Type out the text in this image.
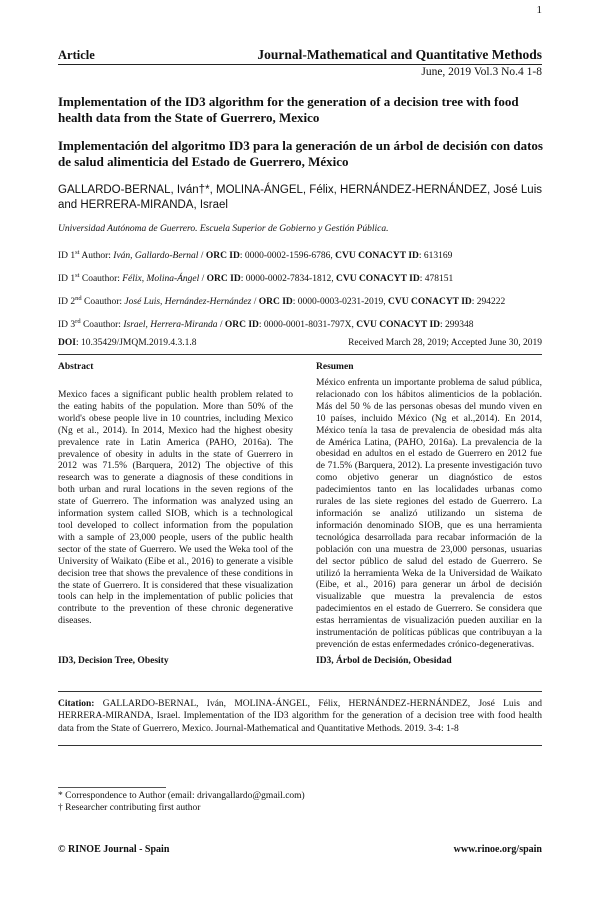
1
Article	Journal-Mathematical and Quantitative Methods
June, 2019 Vol.3 No.4 1-8
Implementation of the ID3 algorithm for the generation of a decision tree with food health data from the State of Guerrero, Mexico
Implementación del algoritmo ID3 para la generación de un árbol de decisión con datos de salud alimenticia del Estado de Guerrero, México
GALLARDO-BERNAL, Iván†*, MOLINA-ÁNGEL, Félix, HERNÁNDEZ-HERNÁNDEZ, José Luis and HERRERA-MIRANDA, Israel
Universidad Autónoma de Guerrero. Escuela Superior de Gobierno y Gestión Pública.
ID 1st Author: Iván, Gallardo-Bernal / ORC ID: 0000-0002-1596-6786, CVU CONACYT ID: 613169
ID 1st Coauthor: Félix, Molina-Ángel / ORC ID: 0000-0002-7834-1812, CVU CONACYT ID: 478151
ID 2nd Coauthor: José Luis, Hernández-Hernández / ORC ID: 0000-0003-0231-2019, CVU CONACYT ID: 294222
ID 3rd Coauthor: Israel, Herrera-Miranda / ORC ID: 0000-0001-8031-797X, CVU CONACYT ID: 299348
DOI: 10.35429/JMQM.2019.4.3.1.8	Received March 28, 2019; Accepted June 30, 2019
Abstract
Mexico faces a significant public health problem related to the eating habits of the population. More than 50% of the world's obese people live in 10 countries, including Mexico (Ng et al., 2014). In 2014, Mexico had the highest obesity prevalence rate in Latin America (PAHO, 2016a). The prevalence of obesity in adults in the state of Guerrero in 2012 was 71.5% (Barquera, 2012) The objective of this research was to generate a diagnosis of these conditions in both urban and rural locations in the seven regions of the state of Guerrero. The information was analyzed using an information system called SIOB, which is a technological tool developed to collect information from the population with a sample of 23,000 people, users of the public health sector of the state of Guerrero. We used the Weka tool of the University of Waikato (Eibe et al., 2016) to generate a visible decision tree that shows the prevalence of these conditions in the state of Guerrero. It is considered that these visualization tools can help in the implementation of public policies that contribute to the prevention of these chronic degenerative diseases.
ID3, Decision Tree, Obesity
Resumen
México enfrenta un importante problema de salud pública, relacionado con los hábitos alimenticios de la población. Más del 50 % de las personas obesas del mundo viven en 10 países, incluido México (Ng et al.,2014). En 2014, México tenía la tasa de prevalencia de obesidad más alta de América Latina, (PAHO, 2016a). La prevalencia de la obesidad en adultos en el estado de Guerrero en 2012 fue de 71.5% (Barquera, 2012). La presente investigación tuvo como objetivo generar un diagnóstico de estos padecimientos tanto en las localidades urbanas como rurales de las siete regiones del estado de Guerrero. La información se analizó utilizando un sistema de información denominado SIOB, que es una herramienta tecnológica desarrollada para recabar información de la población con una muestra de 23,000 personas, usuarias del sector público de salud del estado de Guerrero. Se utilizó la herramienta Weka de la Universidad de Waikato (Eibe, et al., 2016) para generar un árbol de decisión visualizable que muestra la prevalencia de estos padecimientos en el estado de Guerrero. Se considera que estas herramientas de visualización pueden auxiliar en la instrumentación de políticas públicas que contribuyan a la prevención de estas enfermedades crónico-degenerativas.
ID3, Árbol de Decisión, Obesidad
Citation: GALLARDO-BERNAL, Iván, MOLINA-ÁNGEL, Félix, HERNÁNDEZ-HERNÁNDEZ, José Luis and HERRERA-MIRANDA, Israel. Implementation of the ID3 algorithm for the generation of a decision tree with food health data from the State of Guerrero, Mexico. Journal-Mathematical and Quantitative Methods. 2019. 3-4: 1-8
* Correspondence to Author (email: drivangallardo@gmail.com)
† Researcher contributing first author
© RINOE Journal - Spain	www.rinoe.org/spain
